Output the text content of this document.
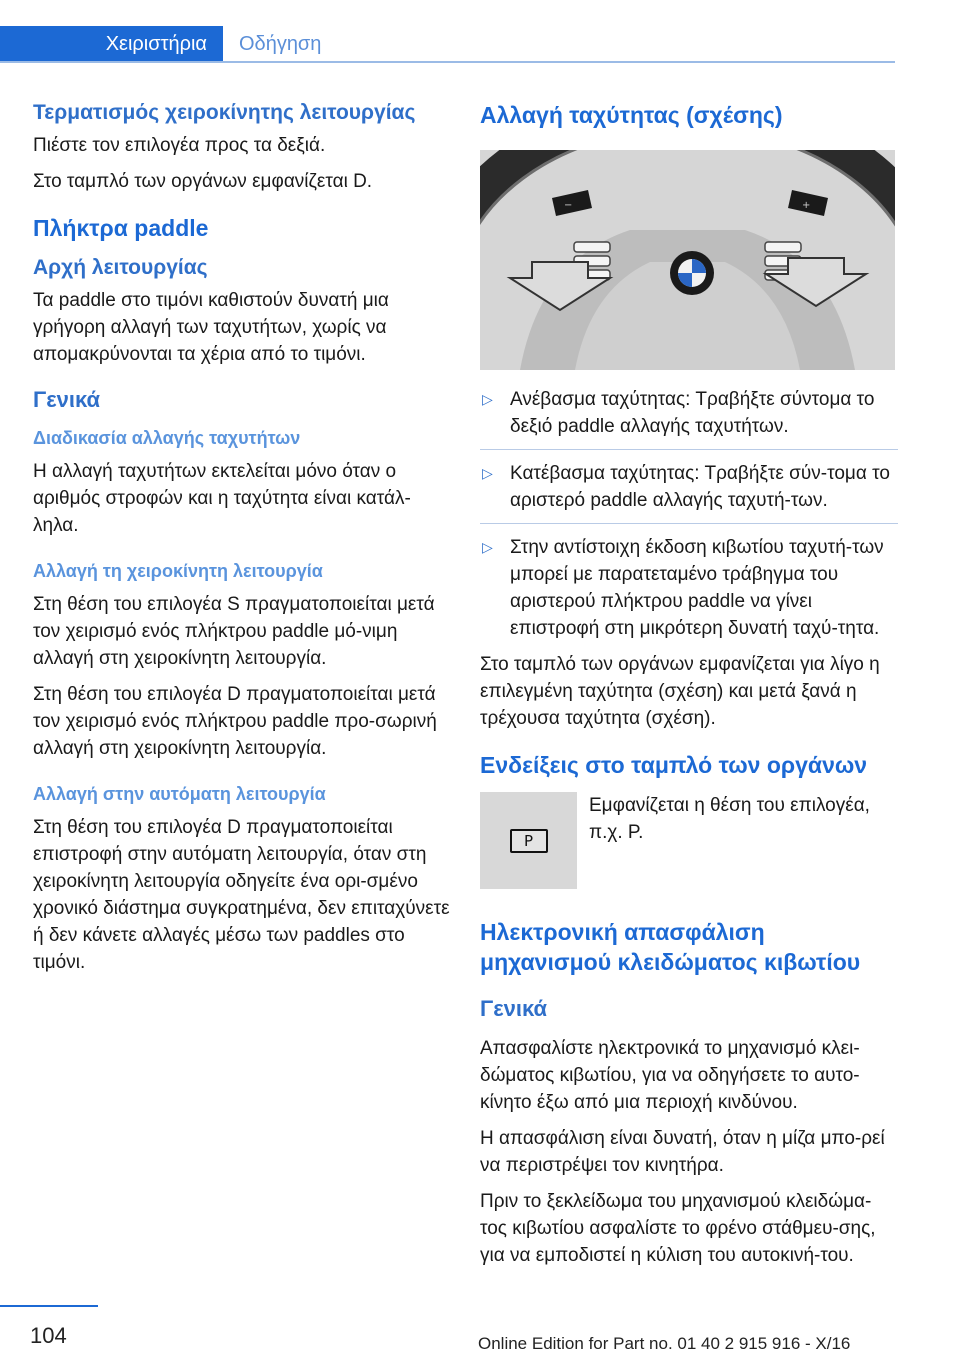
Χειριστήρια	Οδήγηση
Τερματισμός χειροκίνητης λειτουργίας

Πιέστε τον επιλογέα προς τα δεξιά.

Στο ταμπλό των οργάνων εμφανίζεται D.

Πλήκτρα paddle
Αρχή λειτουργίας

Τα paddle στο τιμόνι καθιστούν δυνατή μια γρήγορη αλλαγή των ταχυτήτων, χωρίς να απομακρύνονται τα χέρια από το τιμόνι.

Γενικά
Διαδικασία αλλαγής ταχυτήτων

Η αλλαγή ταχυτήτων εκτελείται μόνο όταν ο αριθμός στροφών και η ταχύτητα είναι κατάλ-ληλα.

Αλλαγή τη χειροκίνητη λειτουργία

Στη θέση του επιλογέα S πραγματοποιείται μετά τον χειρισμό ενός πλήκτρου paddle μό-νιμη αλλαγή στη χειροκίνητη λειτουργία.

Στη θέση του επιλογέα D πραγματοποιείται μετά τον χειρισμό ενός πλήκτρου paddle προ-σωρινή αλλαγή στη χειροκίνητη λειτουργία.

Αλλαγή στην αυτόματη λειτουργία

Στη θέση του επιλογέα D πραγματοποιείται επιστροφή στην αυτόματη λειτουργία, όταν στη χειροκίνητη λειτουργία οδηγείτε ένα ορι-σμένο χρονικό διάστημα συγκρατημένα, δεν επιταχύνετε ή δεν κάνετε αλλαγές μέσω των paddles στο τιμόνι.

Αλλαγή ταχύτητας (σχέσης)
−	+
▷ Ανέβασμα ταχύτητας: Τραβήξτε σύντομα το δεξιό paddle αλλαγής ταχυτήτων.
▷ Κατέβασμα ταχύτητας: Τραβήξτε σύν-τομα το αριστερό paddle αλλαγής ταχυτή-των.
▷ Στην αντίστοιχη έκδοση κιβωτίου ταχυτή-των μπορεί με παρατεταμένο τράβηγμα του αριστερού πλήκτρου paddle να γίνει επιστροφή στη μικρότερη δυνατή ταχύ-τητα.

Στο ταμπλό των οργάνων εμφανίζεται για λίγο η επιλεγμένη ταχύτητα (σχέση) και μετά ξανά η τρέχουσα ταχύτητα (σχέση).

Ενδείξεις στο ταμπλό των οργάνων
P
Εμφανίζεται η θέση του επιλογέα, π.χ. P.
Ηλεκτρονική απασφάλιση μηχανισμού κλειδώματος κιβωτίου
Γενικά

Απασφαλίστε ηλεκτρονικά το μηχανισμό κλει-δώματος κιβωτίου, για να οδηγήσετε το αυτο-κίνητο έξω από μια περιοχή κινδύνου.

Η απασφάλιση είναι δυνατή, όταν η μίζα μπο-ρεί να περιστρέψει τον κινητήρα.

Πριν το ξεκλείδωμα του μηχανισμού κλειδώμα-τος κιβωτίου ασφαλίστε το φρένο στάθμευ-σης, για να εμποδιστεί η κύλιση του αυτοκινή-του.

104	Online Edition for Part no. 01 40 2 915 916 - X/16
